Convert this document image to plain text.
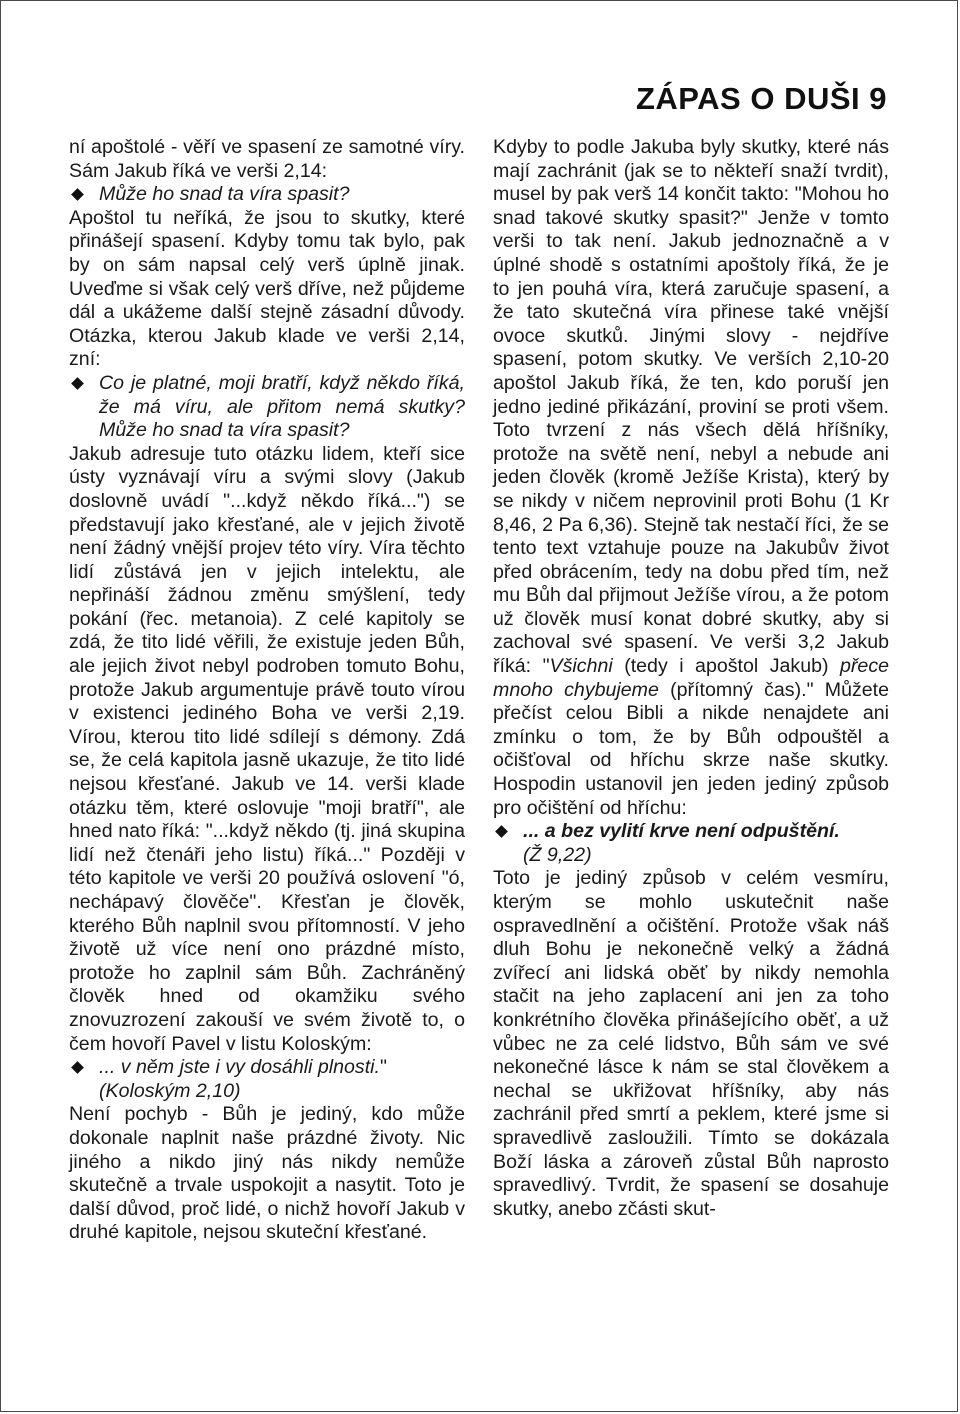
ZÁPAS O DUŠI 9

ní apoštolé - věří ve spasení ze samotné víry. Sám Jakub říká ve verši 2,14:

Může ho snad ta víra spasit?

Apoštol tu neříká, že jsou to skutky, které přinášejí spasení. Kdyby tomu tak bylo, pak by on sám napsal celý verš úplně jinak. Uveďme si však celý verš dříve, než půjdeme dál a ukážeme další stejně zásadní důvody. Otázka, kterou Jakub klade ve verši 2,14, zní:

Co je platné, moji bratří, když někdo říká, že má víru, ale přitom nemá skutky? Může ho snad ta víra spasit?

Jakub adresuje tuto otázku lidem, kteří sice ústy vyznávají víru a svými slovy (Jakub doslovně uvádí "...když někdo říká...") se představují jako křesťané, ale v jejich životě není žádný vnější projev této víry. Víra těchto lidí zůstává jen v jejich intelektu, ale nepřináší žádnou změnu smýšlení, tedy pokání (řec. metanoia). Z celé kapitoly se zdá, že tito lidé věřili, že existuje jeden Bůh, ale jejich život nebyl podroben tomuto Bohu, protože Jakub argumentuje právě touto vírou v existenci jediného Boha ve verši 2,19. Vírou, kterou tito lidé sdílejí s démony. Zdá se, že celá kapitola jasně ukazuje, že tito lidé nejsou křesťané. Jakub ve 14. verši klade otázku těm, které oslovuje "moji bratří", ale hned nato říká: "...když někdo (tj. jiná skupina lidí než čtenáři jeho listu) říká..." Později v této kapitole ve verši 20 používá oslovení "ó, nechápavý člověče". Křesťan je člověk, kterého Bůh naplnil svou přítomností. V jeho životě už více není ono prázdné místo, protože ho zaplnil sám Bůh. Zachráněný člověk hned od okamžiku svého znovuzrození zakouší ve svém životě to, o čem hovoří Pavel v listu Koloským:

... v něm jste i vy dosáhli plnosti."
(Koloským 2,10)

Není pochyb - Bůh je jediný, kdo může dokonale naplnit naše prázdné životy. Nic jiného a nikdo jiný nás nikdy nemůže skutečně a trvale uspokojit a nasytit. Toto je další důvod, proč lidé, o nichž hovoří Jakub v druhé kapitole, nejsou skuteční křesťané.

Kdyby to podle Jakuba byly skutky, které nás mají zachránit (jak se to někteří snaží tvrdit), musel by pak verš 14 končit takto: "Mohou ho snad takové skutky spasit?" Jenže v tomto verši to tak není. Jakub jednoznačně a v úplné shodě s ostatními apoštoly říká, že je to jen pouhá víra, která zaručuje spasení, a že tato skutečná víra přinese také vnější ovoce skutků. Jinými slovy - nejdříve spasení, potom skutky. Ve verších 2,10-20 apoštol Jakub říká, že ten, kdo poruší jen jedno jediné přikázání, proviní se proti všem. Toto tvrzení z nás všech dělá hříšníky, protože na světě není, nebyl a nebude ani jeden člověk (kromě Ježíše Krista), který by se nikdy v ničem neprovinil proti Bohu (1 Kr 8,46, 2 Pa 6,36). Stejně tak nestačí říci, že se tento text vztahuje pouze na Jakubův život před obrácením, tedy na dobu před tím, než mu Bůh dal přijmout Ježíše vírou, a že potom už člověk musí konat dobré skutky, aby si zachoval své spasení. Ve verši 3,2 Jakub říká: "Všichni (tedy i apoštol Jakub) přece mnoho chybujeme (přítomný čas)." Můžete přečíst celou Bibli a nikde nenajdete ani zmínku o tom, že by Bůh odpouštěl a očišťoval od hříchu skrze naše skutky. Hospodin ustanovil jen jeden jediný způsob pro očištění od hříchu:

... a bez vylití krve není odpuštění.
(Ž 9,22)

Toto je jediný způsob v celém vesmíru, kterým se mohlo uskutečnit naše ospravedlnění a očištění. Protože však náš dluh Bohu je nekonečně velký a žádná zvířecí ani lidská oběť by nikdy nemohla stačit na jeho zaplacení ani jen za toho konkrétního člověka přinášejícího oběť, a už vůbec ne za celé lidstvo, Bůh sám ve své nekonečné lásce k nám se stal člověkem a nechal se ukřižovat hříšníky, aby nás zachránil před smrtí a peklem, které jsme si spravedlivě zasloužili. Tímto se dokázala Boží láska a zároveň zůstal Bůh naprosto spravedlivý. Tvrdit, že spasení se dosahuje skutky, anebo zčásti skut-
